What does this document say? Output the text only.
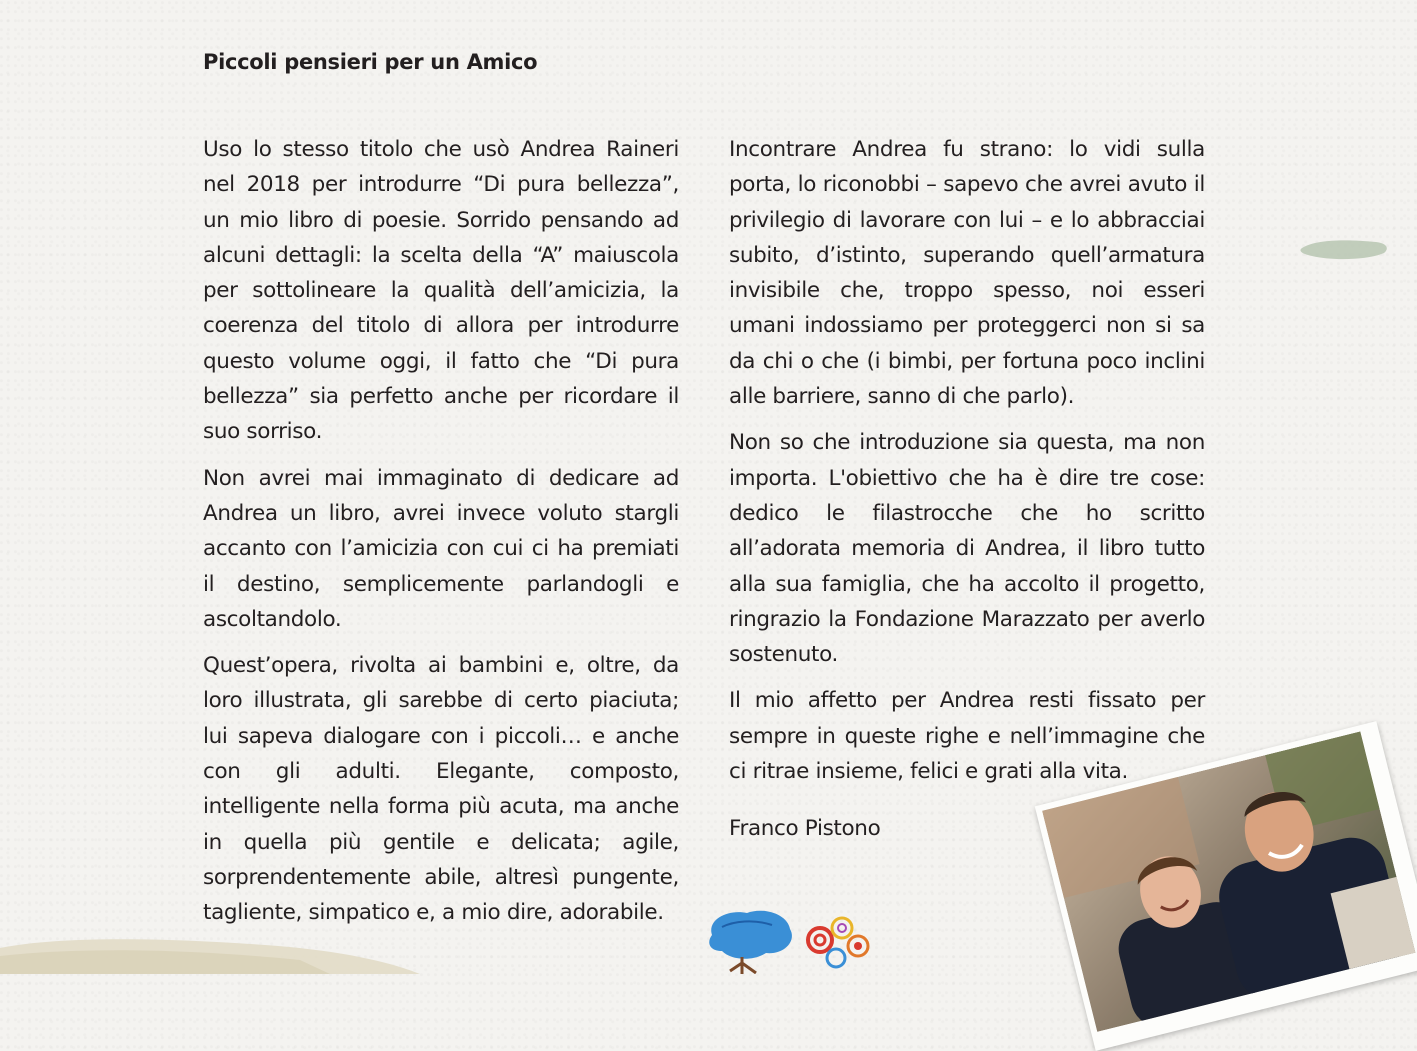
Piccoli pensieri per un Amico

Uso lo stesso titolo che usò Andrea Raineri nel 2018 per introdurre “Di pura bellezza”, un mio libro di poesie. Sorrido pensando ad alcuni dettagli: la scelta della “A” maiuscola per sottolineare la qualità dell’amicizia, la coerenza del titolo di allora per introdurre questo volume oggi, il fatto che “Di pura bellezza” sia perfetto anche per ricordare il suo sorriso.

Non avrei mai immaginato di dedicare ad Andrea un libro, avrei invece voluto stargli accanto con l’amicizia con cui ci ha premiati il destino, semplicemente parlandogli e ascoltandolo.

Quest’opera, rivolta ai bambini e, oltre, da loro illustrata, gli sarebbe di certo piaciuta; lui sapeva dialogare con i piccoli… e anche con gli adulti. Elegante, composto, intelligente nella forma più acuta, ma anche in quella più gentile e delicata; agile, sorprendentemente abile, altresì pungente, tagliente, simpatico e, a mio dire, adorabile.

Incontrare Andrea fu strano: lo vidi sulla porta, lo riconobbi – sapevo che avrei avuto il privilegio di lavorare con lui – e lo abbracciai subito, d’istinto, superando quell’armatura invisibile che, troppo spesso, noi esseri umani indossiamo per proteggerci non si sa da chi o che (i bimbi, per fortuna poco inclini alle barriere, sanno di che parlo).

Non so che introduzione sia questa, ma non importa. L'obiettivo che ha è dire tre cose: dedico le filastrocche che ho scritto all’adorata memoria di Andrea, il libro tutto alla sua famiglia, che ha accolto il progetto, ringrazio la Fondazione Marazzato per averlo sostenuto.

Il mio affetto per Andrea resti fissato per sempre in queste righe e nell’immagine che ci ritrae insieme, felici e grati alla vita.

Franco Pistono
